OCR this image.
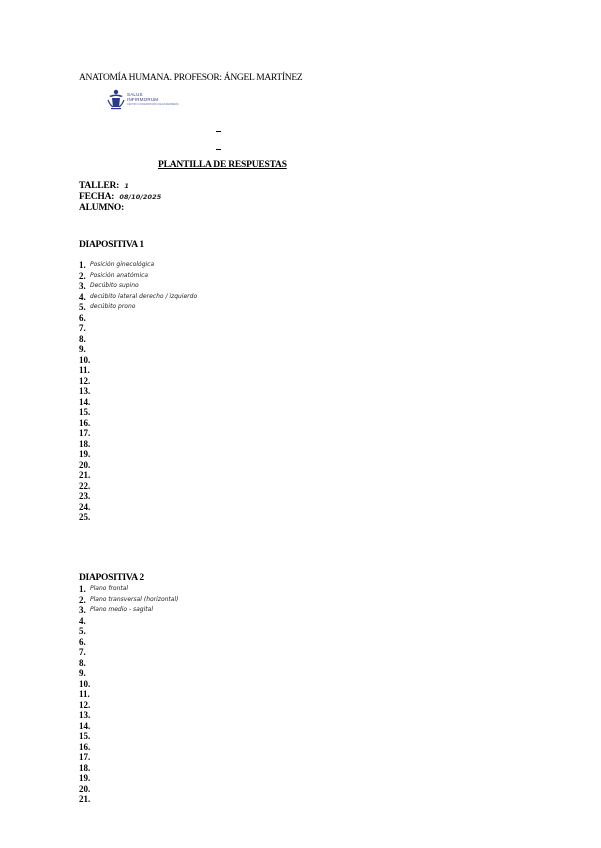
ANATOMÍA HUMANA. PROFESOR: ÁNGEL MARTÍNEZ
SALUS
INFIRMORUM
CENTRO UNIVERSITARIO DE ENFERMERÍA
PLANTILLA DE RESPUESTAS
TALLER: 1
FECHA: 08/10/2025
ALUMNO:
DIAPOSITIVA 1
1. Posición ginecológica
2. Posición anatómica
3. Decúbito supino
4. decúbito lateral derecho / izquierdo
5. decúbito prono
6.
7.
8.
9.
10.
11.
12.
13.
14.
15.
16.
17.
18.
19.
20.
21.
22.
23.
24.
25.
DIAPOSITIVA 2
1. Plano frontal
2. Plano transversal (horizontal)
3. Plano medio - sagital
4.
5.
6.
7.
8.
9.
10.
11.
12.
13.
14.
15.
16.
17.
18.
19.
20.
21.
